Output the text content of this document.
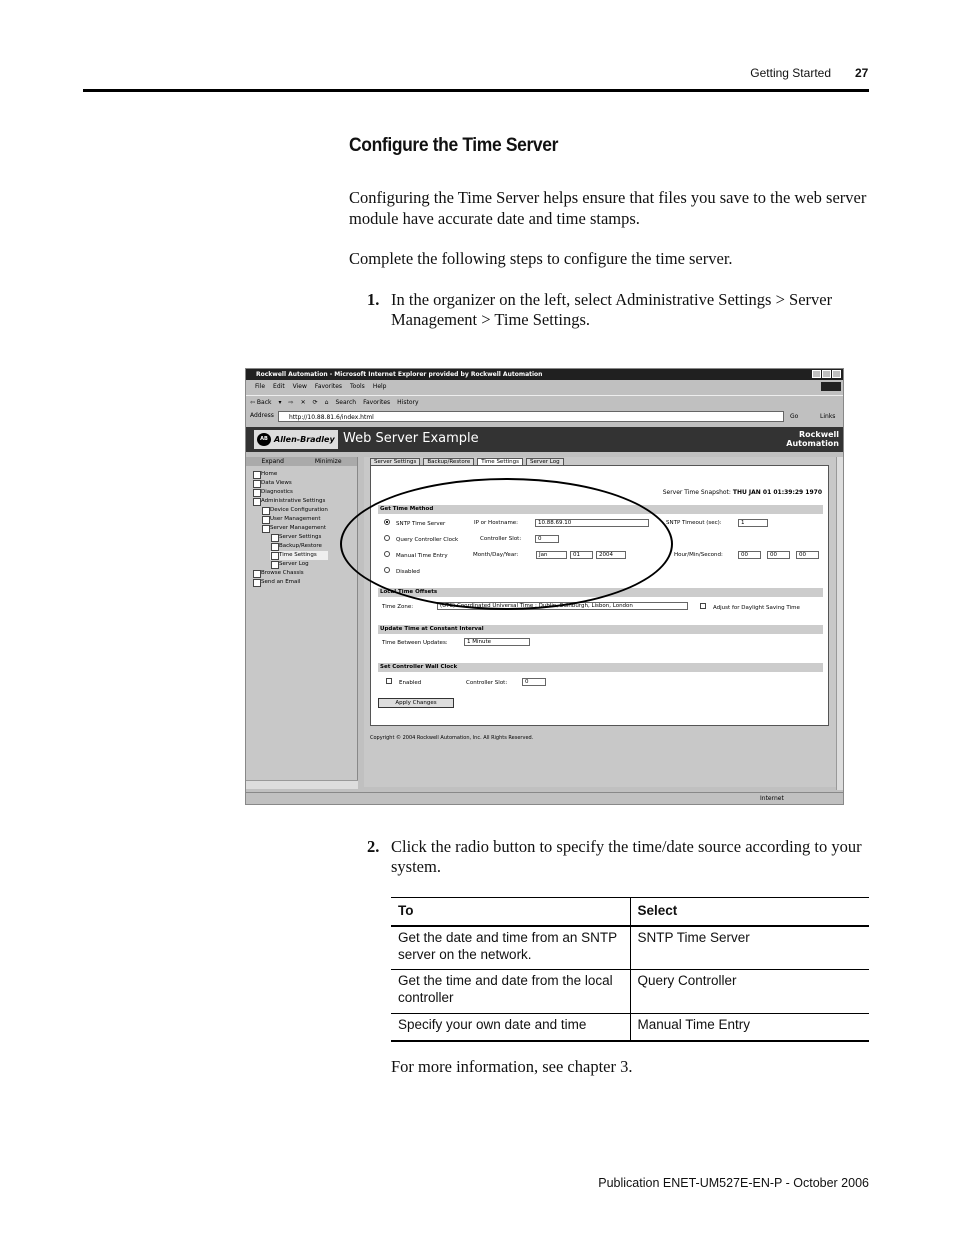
Getting Started 27
Configure the Time Server
Configuring the Time Server helps ensure that files you save to the web server module have accurate date and time stamps.
Complete the following steps to configure the time server.
1. In the organizer on the left, select Administrative Settings > Server Management > Time Settings.
Rockwell Automation - Microsoft Internet Explorer provided by Rockwell Automation
File Edit View Favorites Tools Help
⇦ Back ▾ ⇨ ✕ ⟳ ⌂ Search Favorites History
Address	http://10.88.81.6/index.html	Go	Links
AB Allen-Bradley Web Server Example	Rockwell
Automation
Expand	Minimize
Home
Data Views
Diagnostics
Administrative Settings
Device Configuration
User Management
Server Management
Server Settings
Backup/Restore
Time Settings
Server Log
Browse Chassis
Send an Email
Server Settings	Backup/Restore	Time Settings	Server Log
Server Time Snapshot: THU JAN 01 01:39:29 1970
Get Time Method
SNTP Time Server	IP or Hostname:	10.88.69.10	SNTP Timeout (sec):	1
Query Controller Clock	Controller Slot:	0
Manual Time Entry	Month/Day/Year:	Jan	01	2004	Hour/Min/Second:	00	00	00
Disabled
Local Time Offsets
Time Zone:	(UTC) Coordinated Universal Time : Dublin, Edinburgh, Lisbon, London	Adjust for Daylight Saving Time
Update Time at Constant Interval
Time Between Updates:	1 Minute
Set Controller Wall Clock
Enabled	Controller Slot:	0
Apply Changes
Copyright © 2004 Rockwell Automation, Inc. All Rights Reserved.
Internet
2. Click the radio button to specify the time/date source according to your system.
To	Select
Get the date and time from an SNTP server on the network.	SNTP Time Server
Get the time and date from the local controller	Query Controller
Specify your own date and time	Manual Time Entry
For more information, see chapter 3.
Publication ENET-UM527E-EN-P - October 2006
